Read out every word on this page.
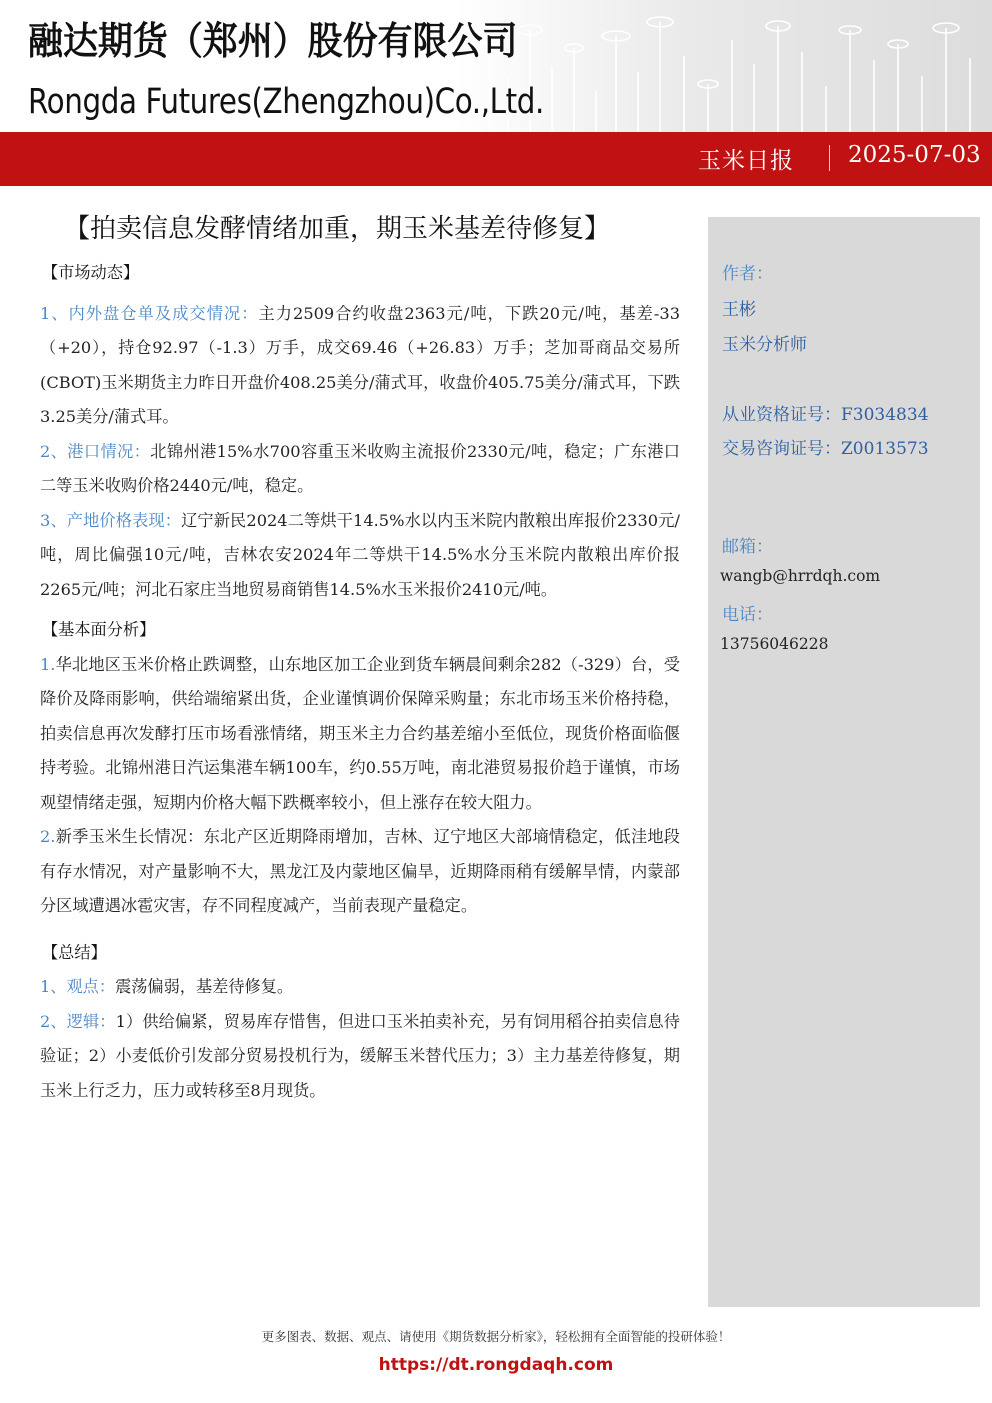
融达期货（郑州）股份有限公司
Rongda Futures(Zhengzhou)Co.,Ltd.
玉米日报 2025-07-03
【拍卖信息发酵情绪加重，期玉米基差待修复】

【市场动态】

1、内外盘仓单及成交情况：主力2509合约收盘2363元/吨，下跌20元/吨，基差-33（+20），持仓92.97（-1.3）万手，成交69.46（+26.83）万手；芝加哥商品交易所(CBOT)玉米期货主力昨日开盘价408.25美分/蒲式耳，收盘价405.75美分/蒲式耳，下跌3.25美分/蒲式耳。

2、港口情况：北锦州港15%水700容重玉米收购主流报价2330元/吨，稳定；广东港口二等玉米收购价格2440元/吨，稳定。

3、产地价格表现：辽宁新民2024二等烘干14.5%水以内玉米院内散粮出库报价2330元/吨，周比偏强10元/吨，吉林农安2024年二等烘干14.5%水分玉米院内散粮出库价报2265元/吨；河北石家庄当地贸易商销售14.5%水玉米报价2410元/吨。

【基本面分析】

1.华北地区玉米价格止跌调整，山东地区加工企业到货车辆晨间剩余282（-329）台，受降价及降雨影响，供给端缩紧出货，企业谨慎调价保障采购量；东北市场玉米价格持稳，拍卖信息再次发酵打压市场看涨情绪，期玉米主力合约基差缩小至低位，现货价格面临偃持考验。北锦州港日汽运集港车辆100车，约0.55万吨，南北港贸易报价趋于谨慎，市场观望情绪走强，短期内价格大幅下跌概率较小，但上涨存在较大阻力。

2.新季玉米生长情况：东北产区近期降雨增加，吉林、辽宁地区大部墒情稳定，低洼地段有存水情况，对产量影响不大，黑龙江及内蒙地区偏旱，近期降雨稍有缓解旱情，内蒙部分区域遭遇冰雹灾害，存不同程度减产，当前表现产量稳定。

【总结】

1、观点：震荡偏弱，基差待修复。

2、逻辑：1）供给偏紧，贸易库存惜售，但进口玉米拍卖补充，另有饲用稻谷拍卖信息待验证；2）小麦低价引发部分贸易投机行为，缓解玉米替代压力；3）主力基差待修复，期玉米上行乏力，压力或转移至8月现货。

作者：
王彬
玉米分析师
从业资格证号：F3034834
交易咨询证号：Z0013573
邮箱：
wangb@hrrdqh.com
电话：
13756046228
更多图表、数据、观点、请使用《期货数据分析家》，轻松拥有全面智能的投研体验！
https://dt.rongdaqh.com
